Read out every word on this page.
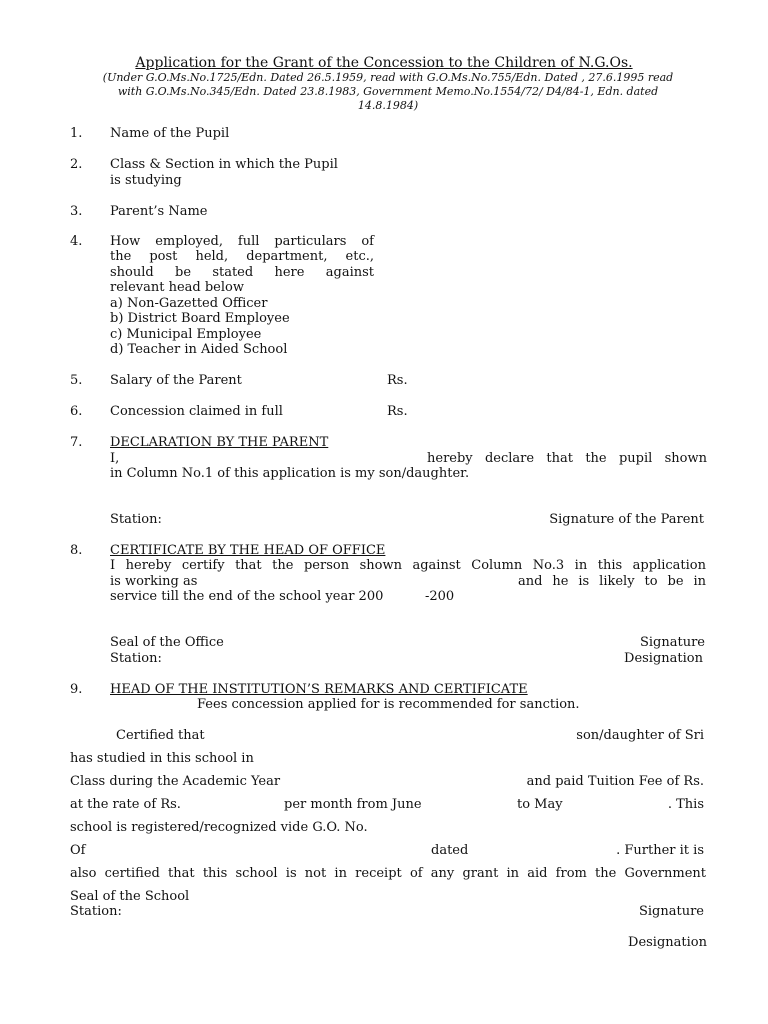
Application for the Grant of the Concession to the Children of N.G.Os.
(Under G.O.Ms.No.1725/Edn. Dated 26.5.1959, read with G.O.Ms.No.755/Edn. Dated , 27.6.1995 read
with G.O.Ms.No.345/Edn. Dated 23.8.1983, Government Memo.No.1554/72/ D4/84-1, Edn. dated
14.8.1984)
1. Name of the Pupil
2. Class & Section in which the Pupil
is studying
3. Parent’s Name
4. How employed, full particulars of
the post held, department, etc.,
should be stated here against
relevant head below
a) Non-Gazetted Officer
b) District Board Employee
c) Municipal Employee
d) Teacher in Aided School
5. Salary of the Parent	Rs.
6. Concession claimed in full	Rs.
7. DECLARATION BY THE PARENT
I,	hereby declare that the pupil shown
in Column No.1 of this application is my son/daughter.
Station:	Signature of the Parent
8. CERTIFICATE BY THE HEAD OF OFFICE
I hereby certify that the person shown against Column No.3 in this application
is working as	and he is likely to be in
service till the end of the school year 200	-200
Seal of the Office	Signature
Station:	Designation
9. HEAD OF THE INSTITUTION’S REMARKS AND CERTIFICATE
Fees concession applied for is recommended for sanction.
Certified that	son/daughter of Sri
has studied in this school in
Class during the Academic Year	and paid Tuition Fee of Rs.
at the rate of Rs.	per month from June	to May	. This
school is registered/recognized vide G.O. No.
Of	dated	. Further it is
also certified that this school is not in receipt of any grant in aid from the Government
Seal of the School
Station:	Signature
Designation
